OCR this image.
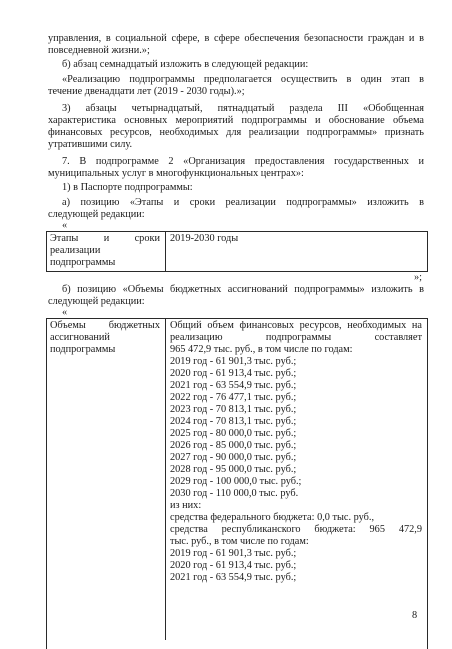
управления, в социальной сфере, в сфере обеспечения безопасности граждан и в
повседневной жизни.»;
б) абзац семнадцатый изложить в следующей редакции:
«Реализацию подпрограммы предполагается осуществить в один этап в
течение двенадцати лет (2019 - 2030 годы).»;
3) абзацы четырнадцатый, пятнадцатый раздела III «Обобщенная
характеристика основных мероприятий подпрограммы и обоснование объема
финансовых ресурсов, необходимых для реализации подпрограммы» признать
утратившими силу.
7. В подпрограмме 2 «Организация предоставления государственных и
муниципальных услуг в многофункциональных центрах»:
1) в Паспорте подпрограммы:
а) позицию «Этапы и сроки реализации подпрограммы» изложить в
следующей редакции:
«
Этапы и сроки
реализации
подпрограммы
2019-2030 годы
»;
б) позицию «Объемы бюджетных ассигнований подпрограммы» изложить в
следующей редакции:
«
Объемы бюджетных
ассигнований
подпрограммы
Общий объем финансовых ресурсов, необходимых на
реализацию подпрограммы составляет
965 472,9 тыс. руб., в том числе по годам:
2019 год - 61 901,3 тыс. руб.;
2020 год - 61 913,4 тыс. руб.;
2021 год - 63 554,9 тыс. руб.;
2022 год - 76 477,1 тыс. руб.;
2023 год - 70 813,1 тыс. руб.;
2024 год - 70 813,1 тыс. руб.;
2025 год - 80 000,0 тыс. руб.;
2026 год - 85 000,0 тыс. руб.;
2027 год - 90 000,0 тыс. руб.;
2028 год - 95 000,0 тыс. руб.;
2029 год - 100 000,0 тыс. руб.;
2030 год - 110 000,0 тыс. руб.
из них:
средства федерального бюджета: 0,0 тыс. руб.,
средства республиканского бюджета: 965 472,9
тыс. руб., в том числе по годам:
2019 год - 61 901,3 тыс. руб.;
2020 год - 61 913,4 тыс. руб.;
2021 год - 63 554,9 тыс. руб.;
8
